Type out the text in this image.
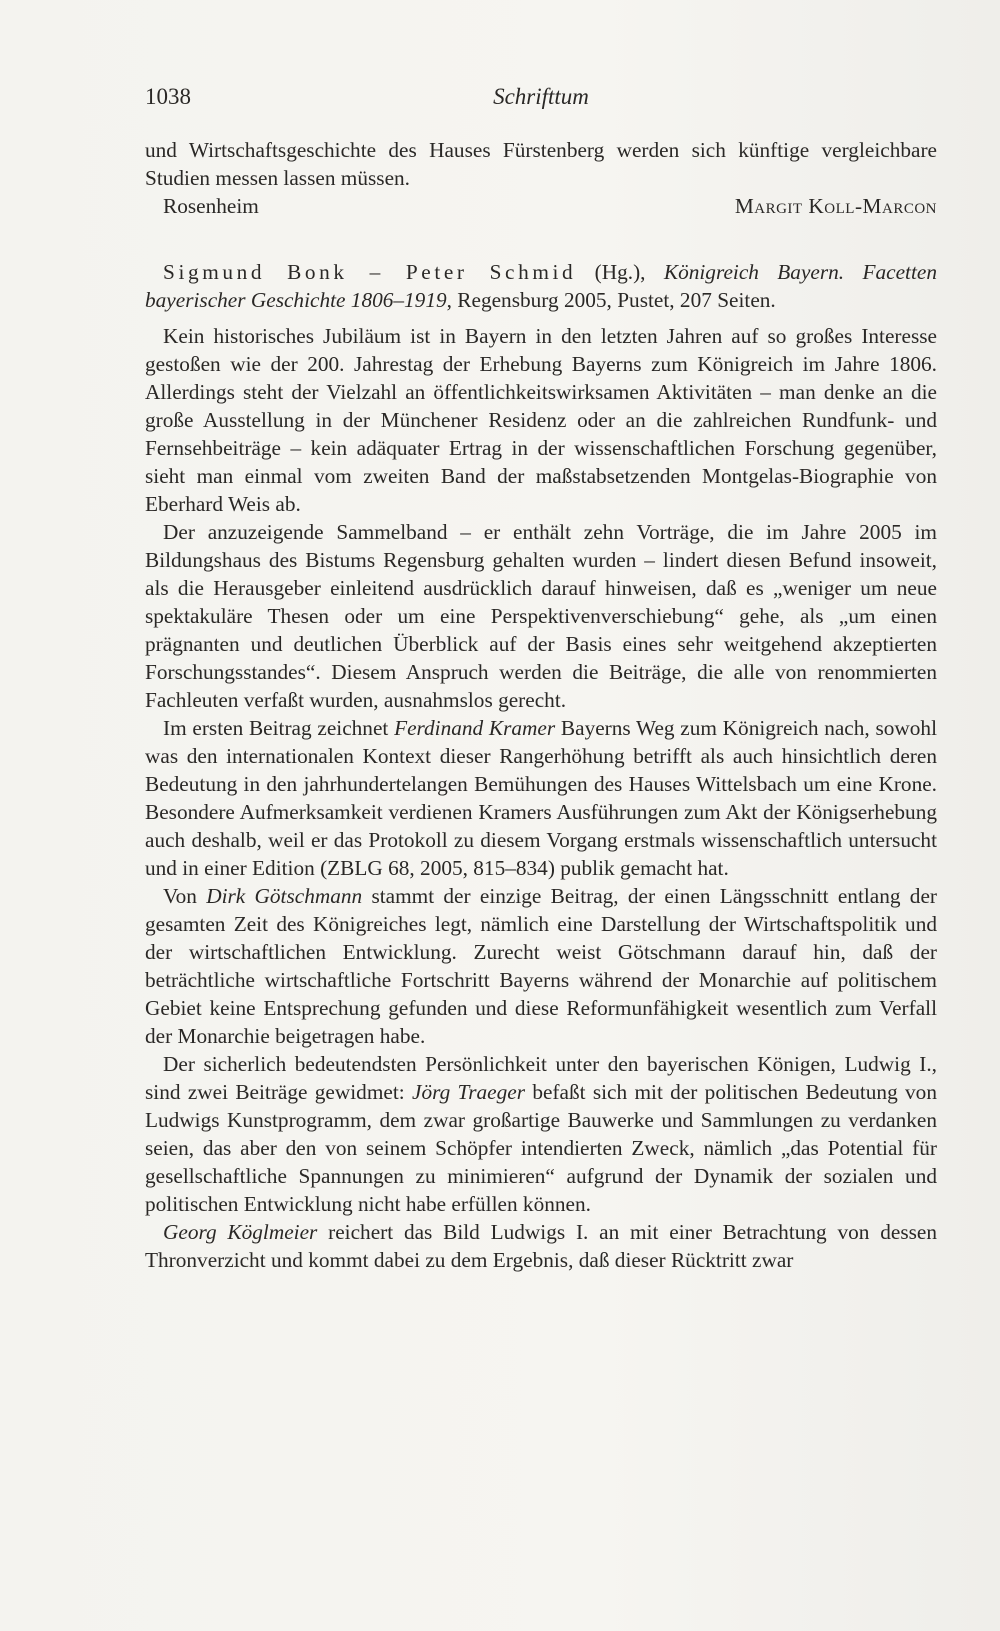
1038	Schrifttum

und Wirtschaftsgeschichte des Hauses Fürstenberg werden sich künftige vergleichbare Studien messen lassen müssen.

Rosenheim	Margit Koll-Marcon

Sigmund Bonk – Peter Schmid (Hg.), Königreich Bayern. Facetten bayerischer Geschichte 1806–1919, Regensburg 2005, Pustet, 207 Seiten.

Kein historisches Jubiläum ist in Bayern in den letzten Jahren auf so großes Interesse gestoßen wie der 200. Jahrestag der Erhebung Bayerns zum Königreich im Jahre 1806. Allerdings steht der Vielzahl an öffentlichkeitswirksamen Aktivitäten – man denke an die große Ausstellung in der Münchener Residenz oder an die zahlreichen Rundfunk- und Fernsehbeiträge – kein adäquater Ertrag in der wissenschaftlichen Forschung gegenüber, sieht man einmal vom zweiten Band der maßstabsetzenden Montgelas-Biographie von Eberhard Weis ab.

Der anzuzeigende Sammelband – er enthält zehn Vorträge, die im Jahre 2005 im Bildungshaus des Bistums Regensburg gehalten wurden – lindert diesen Befund insoweit, als die Herausgeber einleitend ausdrücklich darauf hinweisen, daß es „weniger um neue spektakuläre Thesen oder um eine Perspektivenverschiebung“ gehe, als „um einen prägnanten und deutlichen Überblick auf der Basis eines sehr weitgehend akzeptierten Forschungsstandes“. Diesem Anspruch werden die Beiträge, die alle von renommierten Fachleuten verfaßt wurden, ausnahmslos gerecht.

Im ersten Beitrag zeichnet Ferdinand Kramer Bayerns Weg zum Königreich nach, sowohl was den internationalen Kontext dieser Rangerhöhung betrifft als auch hinsichtlich deren Bedeutung in den jahrhundertelangen Bemühungen des Hauses Wittelsbach um eine Krone. Besondere Aufmerksamkeit verdienen Kramers Ausführungen zum Akt der Königserhebung auch deshalb, weil er das Protokoll zu diesem Vorgang erstmals wissenschaftlich untersucht und in einer Edition (ZBLG 68, 2005, 815–834) publik gemacht hat.

Von Dirk Götschmann stammt der einzige Beitrag, der einen Längsschnitt entlang der gesamten Zeit des Königreiches legt, nämlich eine Darstellung der Wirtschaftspolitik und der wirtschaftlichen Entwicklung. Zurecht weist Götschmann darauf hin, daß der beträchtliche wirtschaftliche Fortschritt Bayerns während der Monarchie auf politischem Gebiet keine Entsprechung gefunden und diese Reformunfähigkeit wesentlich zum Verfall der Monarchie beigetragen habe.

Der sicherlich bedeutendsten Persönlichkeit unter den bayerischen Königen, Ludwig I., sind zwei Beiträge gewidmet: Jörg Traeger befaßt sich mit der politischen Bedeutung von Ludwigs Kunstprogramm, dem zwar großartige Bauwerke und Sammlungen zu verdanken seien, das aber den von seinem Schöpfer intendierten Zweck, nämlich „das Potential für gesellschaftliche Spannungen zu minimieren“ aufgrund der Dynamik der sozialen und politischen Entwicklung nicht habe erfüllen können.

Georg Köglmeier reichert das Bild Ludwigs I. an mit einer Betrachtung von dessen Thronverzicht und kommt dabei zu dem Ergebnis, daß dieser Rücktritt zwar
